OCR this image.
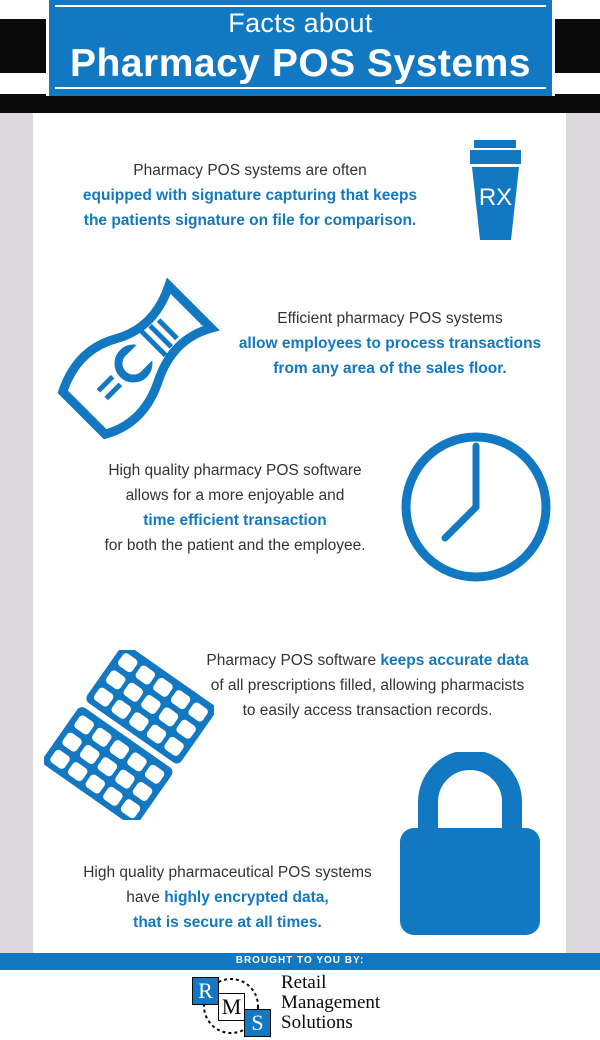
Facts about
Pharmacy POS Systems
Pharmacy POS systems are often
equipped with signature capturing that keeps
the patients signature on file for comparison.
RX
Efficient pharmacy POS systems
allow employees to process transactions
from any area of the sales floor.
High quality pharmacy POS software
allows for a more enjoyable and
time efficient transaction
for both the patient and the employee.
Pharmacy POS software keeps accurate data
of all prescriptions filled, allowing pharmacists
to easily access transaction records.
High quality pharmaceutical POS systems
have highly encrypted data,
that is secure at all times.
BROUGHT TO YOU BY:
R
M
S
Retail
Management
Solutions
